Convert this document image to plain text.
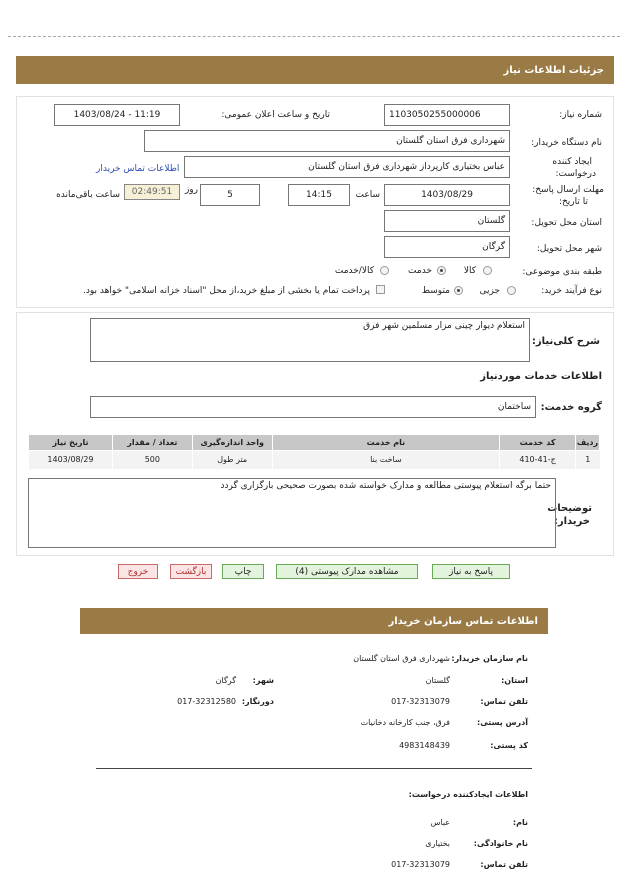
جزئیات اطلاعات نیاز
شماره نیاز:
1103050255000006
تاریخ و ساعت اعلان عمومی:
1403/08/24 - 11:19
نام دستگاه خریدار:
شهرداری فرق استان گلستان
ایجاد کننده
درخواست:
عباس بختیاری کارپرداز شهرداری فرق استان گلستان
اطلاعات تماس خریدار
مهلت ارسال پاسخ:
تا تاریخ:
1403/08/29
ساعت
14:15
5
روز
02:49:51
ساعت باقی‌مانده
استان محل تحویل:
گلستان
شهر محل تحویل:
گرگان
طبقه بندی موضوعی:
کالا
خدمت
کالا/خدمت
نوع فرآیند خرید:
جزیی
متوسط
پرداخت تمام یا بخشی از مبلغ خرید،از محل "اسناد خزانه اسلامی" خواهد بود.
شرح کلی‌نیاز:
استعلام دیوار چینی مزار مسلمین شهر فرق
اطلاعات خدمات موردنیاز
گروه خدمت:
ساختمان
ردیف	کد خدمت	نام خدمت	واحد اندازه‌گیری	تعداد / مقدار	تاریخ نیاز
1	ج-41-410	ساخت بنا	متر طول	500	1403/08/29
توضیحات
خریدار:
حتما برگه استعلام پیوستی مطالعه و مدارک خواسته شده بصورت صحیحی بارگزاری گردد
پاسخ به نیاز
مشاهده مدارک پیوستی (4)
چاپ
بازگشت
خروج
اطلاعات تماس سازمان خریدار
نام سازمان خریدار:
شهرداری فرق استان گلستان
استان:
گلستان
شهر:
گرگان
تلفن تماس:
017-32313079
دورنگار:
017-32312580
آدرس پستی:
فرق، جنب کارخانه دخانیات
کد پستی:
4983148439
اطلاعات ایجادکننده درخواست:
نام:
عباس
نام خانوادگی:
بختیاری
تلفن تماس:
017-32313079
